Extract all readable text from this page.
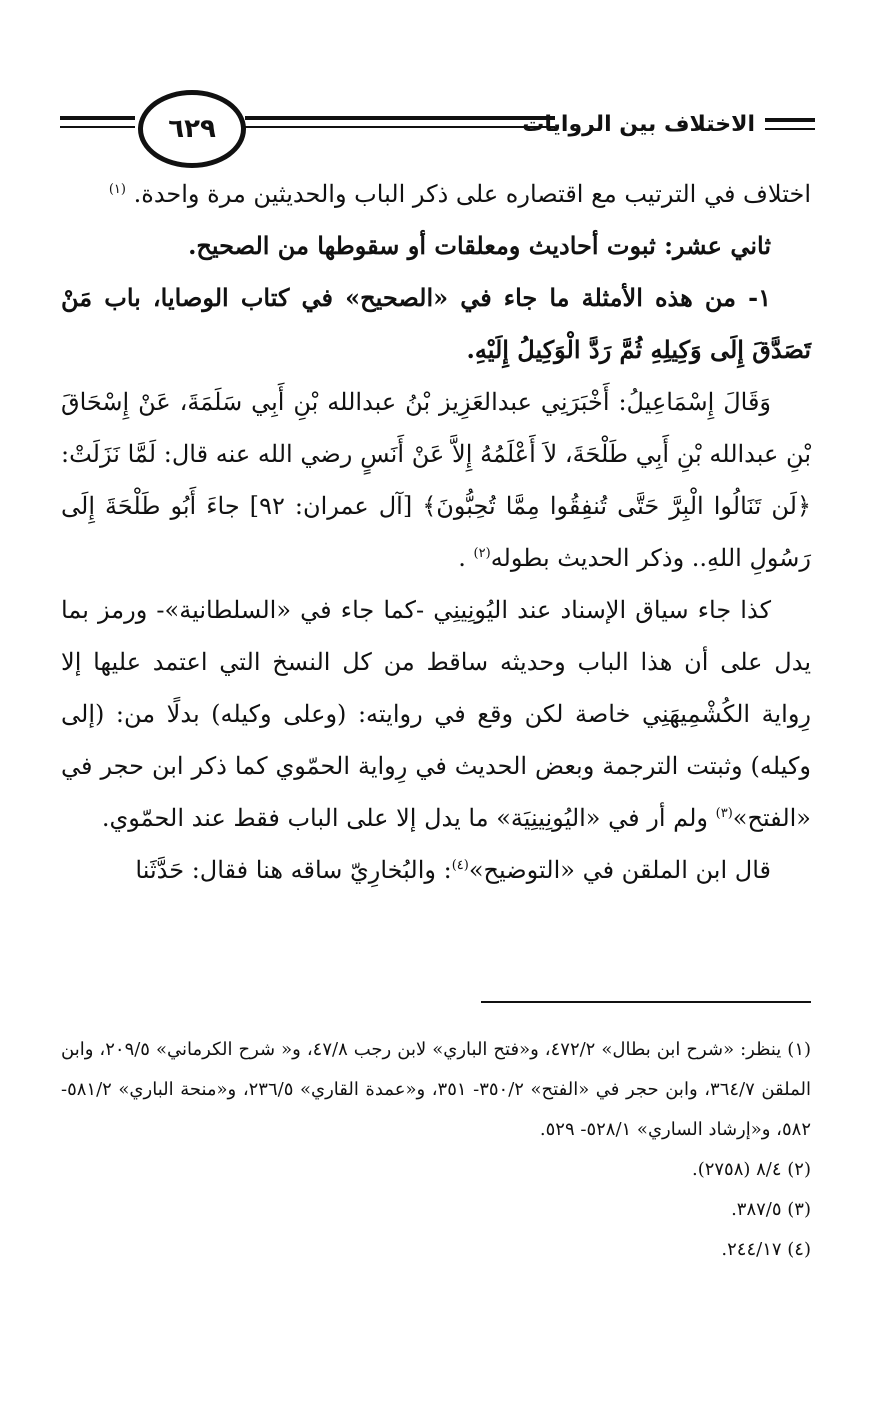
الاختلاف بين الروايات
٦٢٩

اختلاف في الترتيب مع اقتصاره على ذكر الباب والحديثين مرة واحدة. $^{(١)}$

ثاني عشر: ثبوت أحاديث ومعلقات أو سقوطها من الصحيح.

١- من هذه الأمثلة ما جاء في «الصحيح» في كتاب الوصايا، باب مَنْ تَصَدَّقَ إِلَى وَكِيلِهِ ثُمَّ رَدَّ الْوَكِيلُ إِلَيْهِ.

وَقَالَ إِسْمَاعِيلُ: أَخْبَرَنِي عبدالعَزِيز بْنُ عبدالله بْنِ أَبِي سَلَمَةَ، عَنْ إِسْحَاقَ بْنِ عبدالله بْنِ أَبِي طَلْحَةَ، لاَ أَعْلَمُهُ إِلاَّ عَنْ أَنَسٍ رضي الله عنه قال: لَمَّا نَزَلَتْ: ﴿لَن تَنَالُوا الْبِرَّ حَتَّى تُنفِقُوا مِمَّا تُحِبُّونَ﴾ [آل عمران: ٩٢] جاءَ أَبُو طَلْحَةَ إِلَى رَسُولِ اللهِ.. وذكر الحديث بطوله$^{(٢)}$ .

كذا جاء سياق الإسناد عند اليُونِينِي -كما جاء في «السلطانية»- ورمز بما يدل على أن هذا الباب وحديثه ساقط من كل النسخ التي اعتمد عليها إلا رِواية الكُشْمِيهَنِي خاصة لكن وقع في روايته: (وعلى وكيله) بدلًا من: (إلى وكيله) وثبتت الترجمة وبعض الحديث في رِواية الحمّوي كما ذكر ابن حجر في «الفتح»$^{(٣)}$ ولم أر في «اليُونِينِيَة» ما يدل إلا على الباب فقط عند الحمّوي.

قال ابن الملقن في «التوضيح»$^{(٤)}$: والبُخارِيّ ساقه هنا فقال: حَدَّثَنا

(١) ينظر: «شرح ابن بطال» ٤٧٢/٢، و«فتح الباري» لابن رجب ٤٧/٨، و« شرح الكرماني» ٢٠٩/٥، وابن الملقن ٣٦٤/٧، وابن حجر في «الفتح» ٣٥٠/٢- ٣٥١، و«عمدة القاري» ٢٣٦/٥، و«منحة الباري» ٥٨١/٢- ٥٨٢، و«إرشاد الساري» ٥٢٨/١- ٥٢٩.

(٢) ٨/٤ (٢٧٥٨).

(٣) ٣٨٧/٥.

(٤) ٢٤٤/١٧.
